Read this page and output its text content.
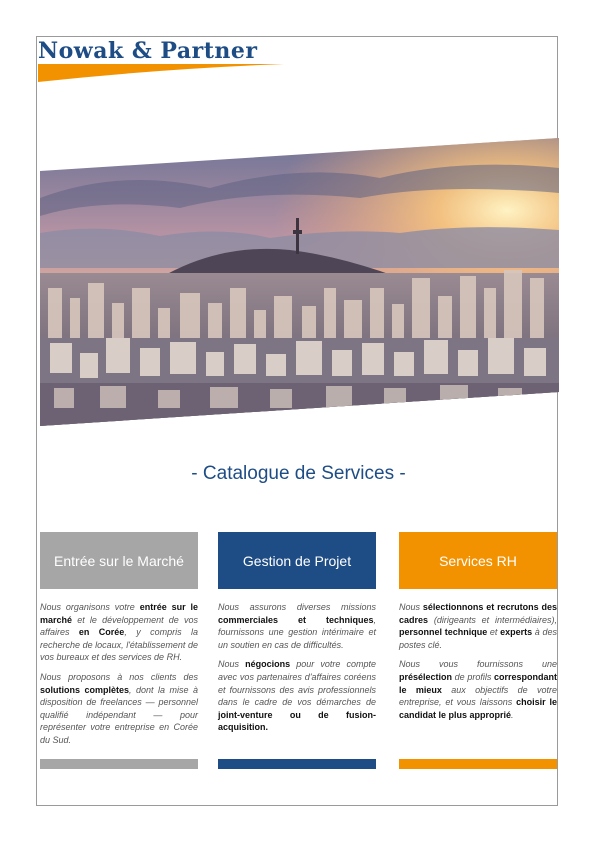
Nowak & Partner
- Catalogue de Services -
Entrée sur le Marché

Nous organisons votre entrée sur le marché et le développement de vos affaires en Corée, y compris la recherche de locaux, l'établissement de vos bureaux et des services de RH.

Nous proposons à nos clients des solutions complètes, dont la mise à disposition de freelances — personnel qualifié indépendant — pour représenter votre entreprise en Corée du Sud.

Gestion de Projet

Nous assurons diverses missions commerciales et techniques, fournissons une gestion intérimaire et un soutien en cas de difficultés.

Nous négocions pour votre compte avec vos partenaires d'affaires coréens et fournissons des avis professionnels dans le cadre de vos démarches de joint-venture ou de fusion-acquisition.

Services RH

Nous sélectionnons et recrutons des cadres (dirigeants et intermédiaires), personnel technique et experts à des postes clé.

Nous vous fournissons une présélection de profils correspondant le mieux aux objectifs de votre entreprise, et vous laissons choisir le candidat le plus approprié.
